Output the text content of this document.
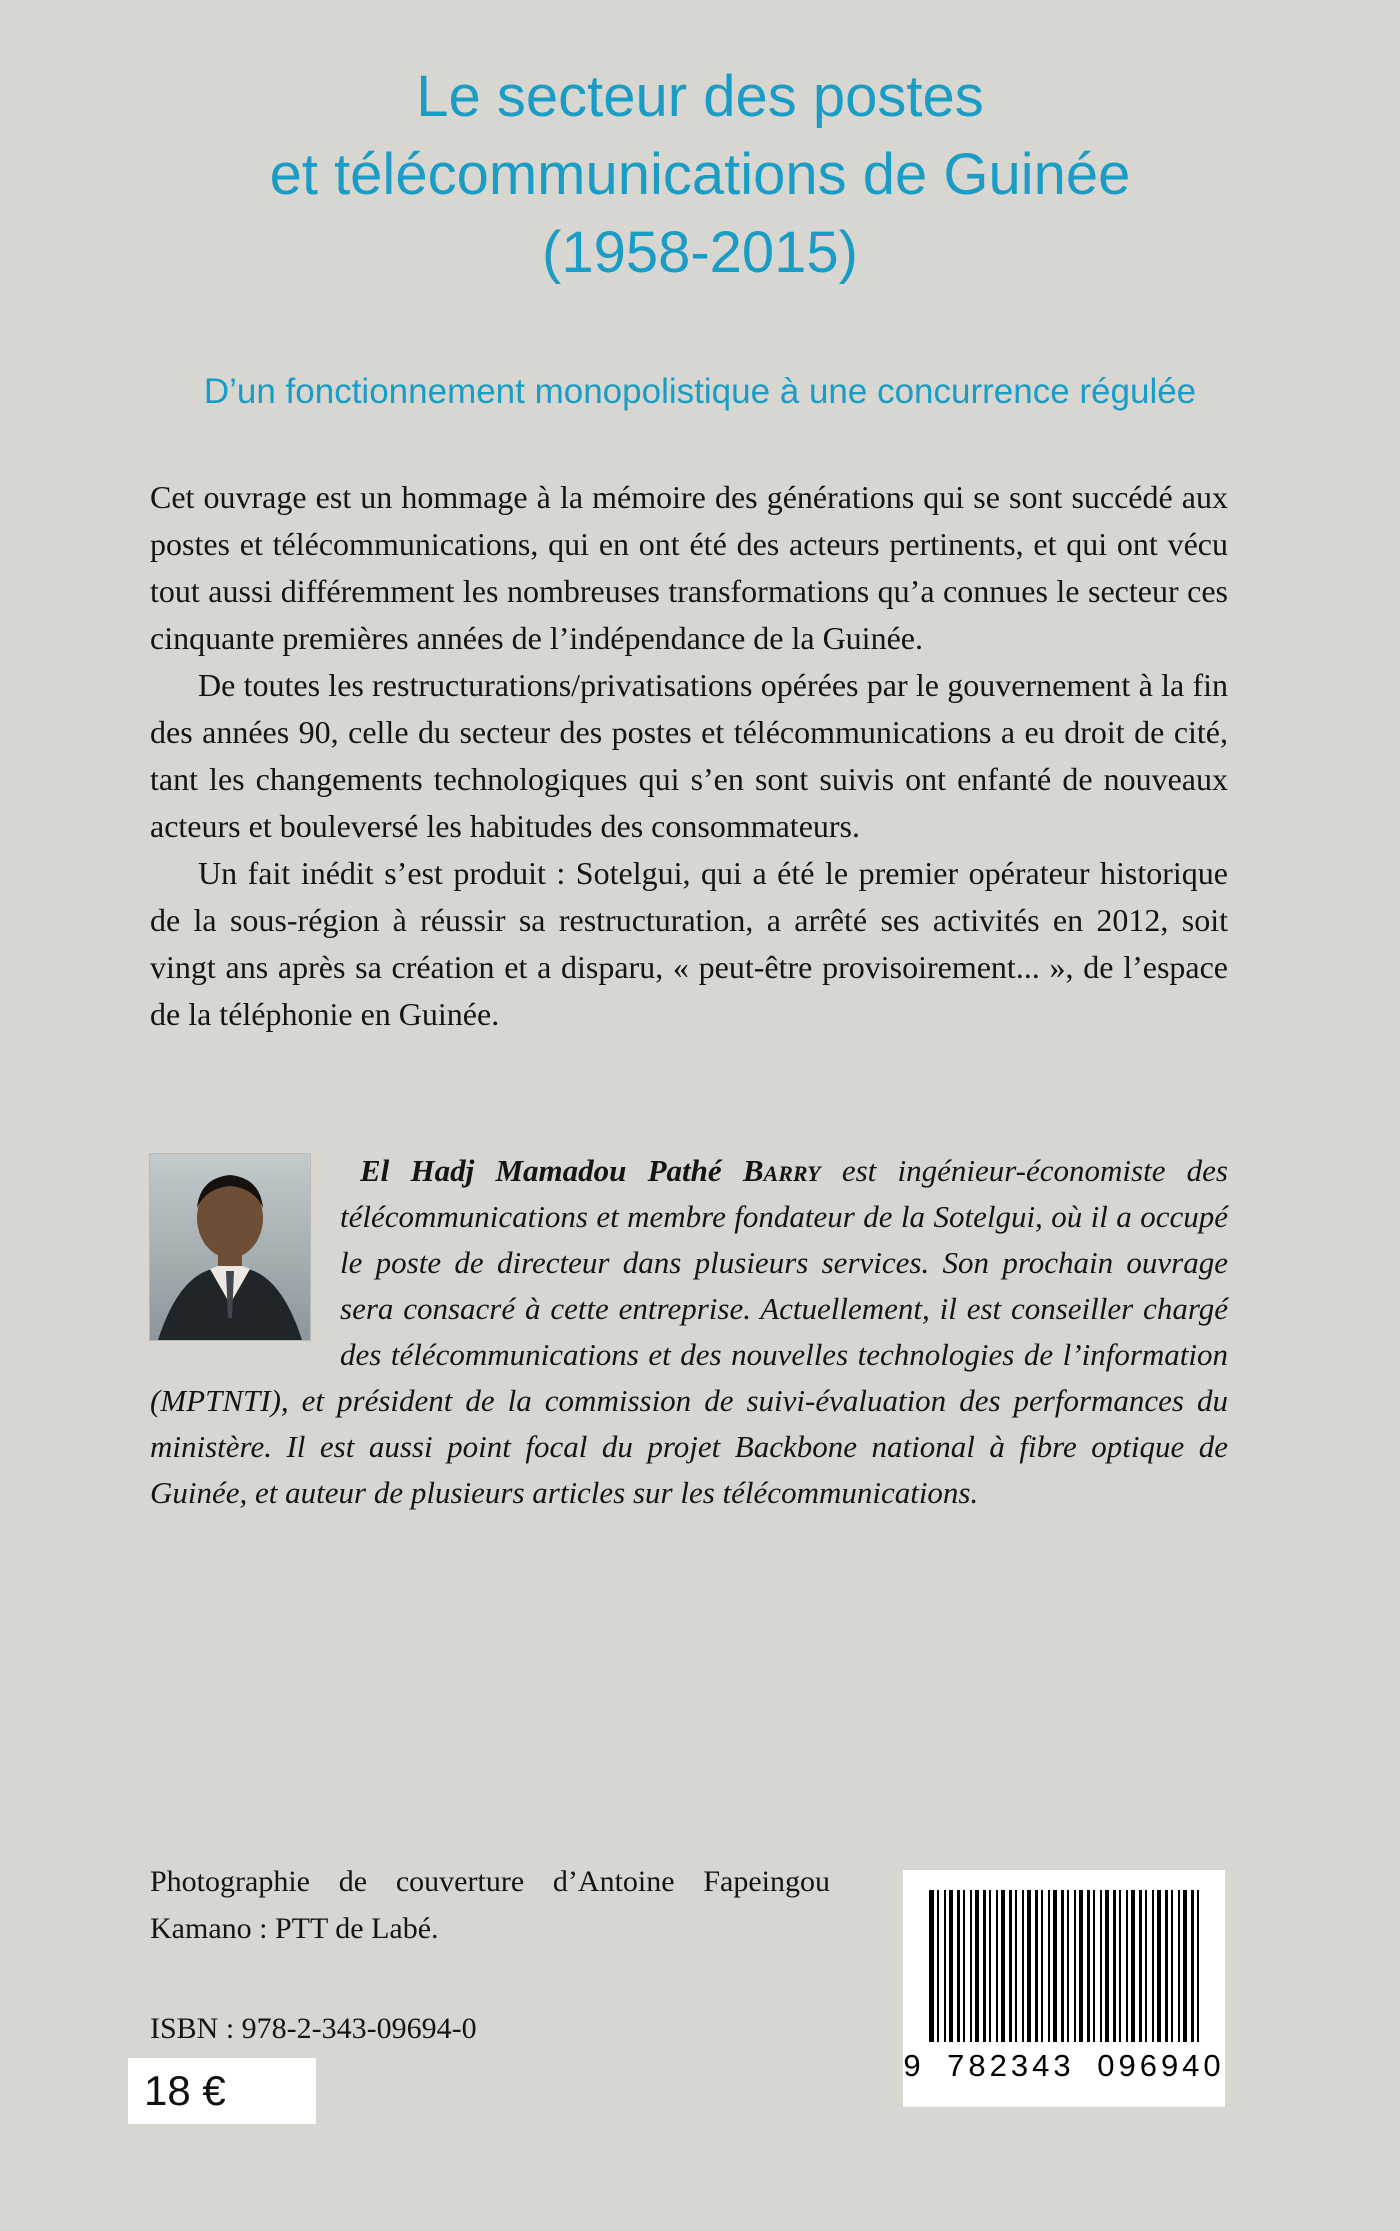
Le secteur des postes
et télécommunications de Guinée
(1958-2015)
D’un fonctionnement monopolistique à une concurrence régulée

Cet ouvrage est un hommage à la mémoire des générations qui se sont succédé aux postes et télécommunications, qui en ont été des acteurs pertinents, et qui ont vécu tout aussi différemment les nombreuses transformations qu’a connues le secteur ces cinquante premières années de l’indépendance de la Guinée.

De toutes les restructurations/privatisations opérées par le gouvernement à la fin des années 90, celle du secteur des postes et télécommunications a eu droit de cité, tant les changements technologiques qui s’en sont suivis ont enfanté de nouveaux acteurs et bouleversé les habitudes des consommateurs.

Un fait inédit s’est produit : Sotelgui, qui a été le premier opérateur historique de la sous-région à réussir sa restructuration, a arrêté ses activités en 2012, soit vingt ans après sa création et a disparu, « peut-être provisoirement... », de l’espace de la téléphonie en Guinée.

El Hadj Mamadou Pathé Barry est ingénieur-économiste des télécommunications et membre fondateur de la Sotelgui, où il a occupé le poste de directeur dans plusieurs services. Son prochain ouvrage sera consacré à cette entreprise. Actuellement, il est conseiller chargé des télécommunications et des nouvelles technologies de l’information (MPTNTI), et président de la commission de suivi-évaluation des performances du ministère. Il est aussi point focal du projet Backbone national à fibre optique de Guinée, et auteur de plusieurs articles sur les télécommunications.

Photographie de couverture d’Antoine Fapeingou
Kamano : PTT de Labé.
ISBN : 978-2-343-09694-0
18 €
9 782343 096940
